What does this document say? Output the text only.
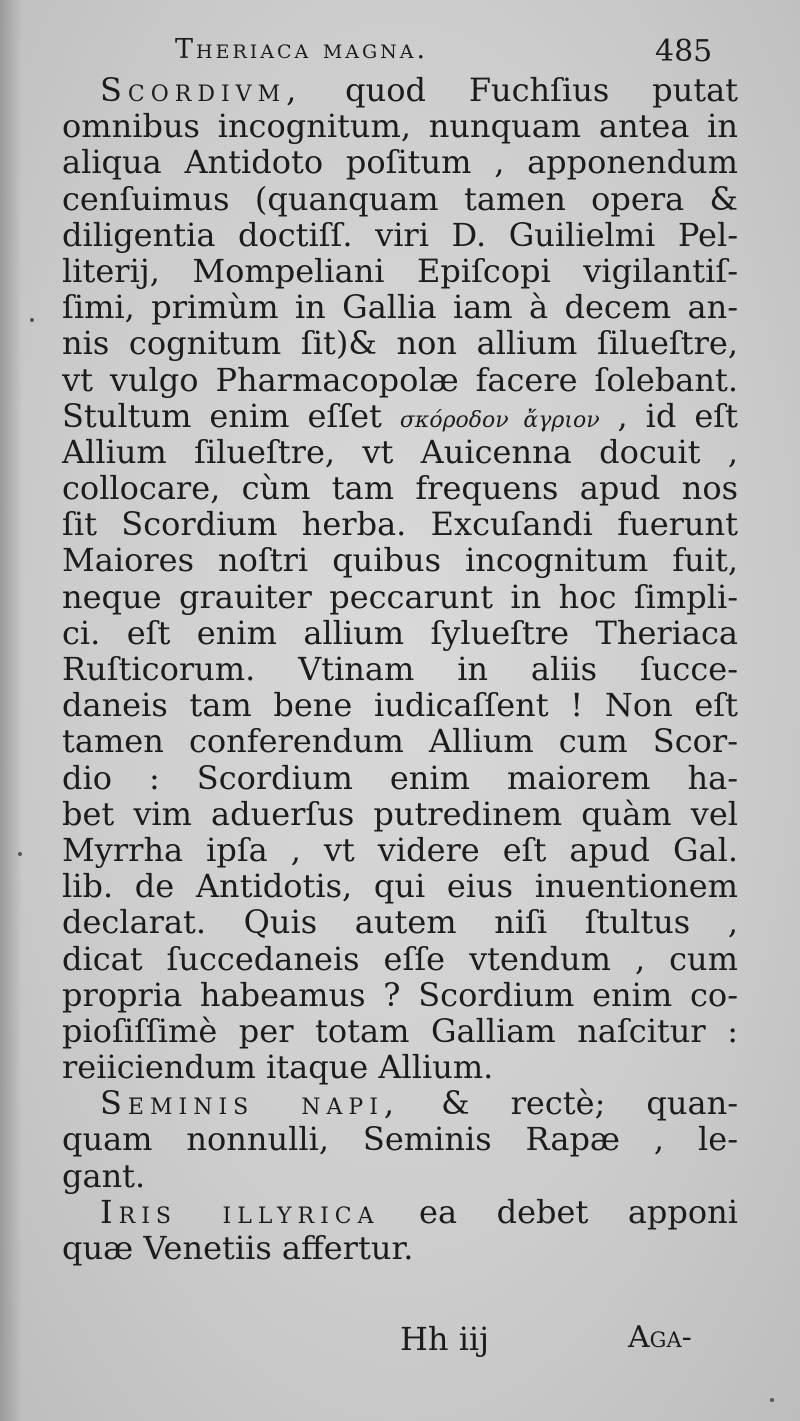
Theriaca magna.	485
Scordivm, quod Fuchſius putat
omnibus incognitum, nunquam antea in
aliqua Antidoto poſitum , apponendum
cenſuimus (quanquam tamen opera &
diligentia doctiſſ. viri D. Guilielmi Pel-
literij, Mompeliani Epiſcopi vigilantiſ-
ſimi, primùm in Gallia iam à decem an-
nis cognitum ſit)& non allium ſilueſtre,
vt vulgo Pharmacopolæ facere ſolebant.
Stultum enim eſſet σκόροδον ἄγριον , id eſt
Allium ſilueſtre, vt Auicenna docuit ,
collocare, cùm tam frequens apud nos
ſit Scordium herba. Excuſandi fuerunt
Maiores noſtri quibus incognitum fuit,
neque grauiter peccarunt in hoc ſimpli-
ci. eſt enim allium ſylueſtre Theriaca
Ruſticorum. Vtinam in aliis ſucce-
daneis tam bene iudicaſſent ! Non eſt
tamen conferendum Allium cum Scor-
dio : Scordium enim maiorem ha-
bet vim aduerſus putredinem quàm vel
Myrrha ipſa , vt videre eſt apud Gal.
lib. de Antidotis, qui eius inuentionem
declarat. Quis autem niſi ſtultus ,
dicat ſuccedaneis eſſe vtendum , cum
propria habeamus ? Scordium enim co-
pioſiſſimè per totam Galliam naſcitur :
reiiciendum itaque Allium.
Seminis napi, & rectè; quan-
quam nonnulli, Seminis Rapæ , le-
gant.
Iris illyrica ea debet apponi
quæ Venetiis affertur.
Hh iij	Aga-
